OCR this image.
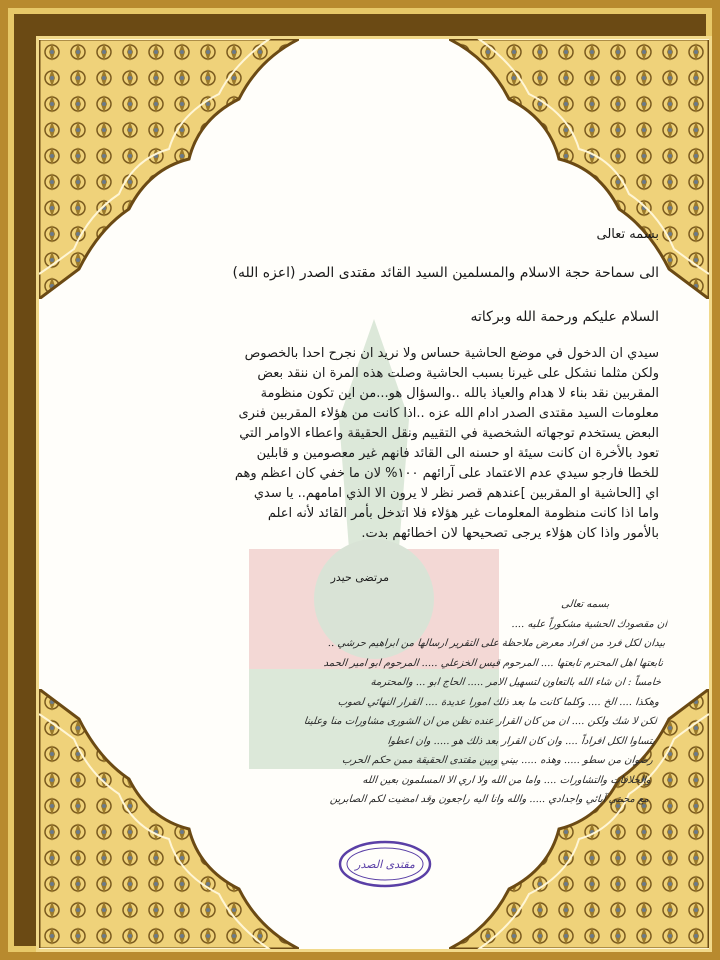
بسمه تعالى
الى سماحة حجة الاسلام والمسلمين السيد القائد مقتدى الصدر (اعزه الله)
السلام عليكم ورحمة الله وبركاته
سيدي ان الدخول في موضع الحاشية حساس ولا نريد ان نجرح احدا بالخصوص
ولكن مثلما نشكل على غيرنا بسبب الحاشية وصلت هذه المرة ان ننقد بعض
المقربين نقد بناء لا هدام والعياذ بالله ..والسؤال هو...من اين تكون منظومة
معلومات السيد مقتدى الصدر ادام الله عزه ..اذا كانت من هؤلاء المقربين فنرى
البعض يستخدم توجهاته الشخصية في التقييم ونقل الحقيقة واعطاء الاوامر التي
تعود بالأخرة ان كانت سيئة او حسنه الى القائد فانهم غير معصومين و قابلين
للخطا فارجو سيدي عدم الاعتماد على آرائهم ١٠٠% لان ما خفي كان اعظم وهم
اي [الحاشية او المقربين ]عندهم قصر نظر لا يرون الا الذي امامهم.. يا سدي
واما اذا كانت منظومة المعلومات غير هؤلاء فلا اتدخل بأمر القائد لأنه اعلم
بالأمور واذا كان هؤلاء يرجى تصحيحها لان اخطائهم بدت.
مرتضى حيدر
بسمه تعالى
ان مقصودك الحشية مشكوراً عليه ....
بيدان لكل فرد من افراد معرض ملاحظة على التقرير ارسالها من ابراهيم حرشي ..
تابعتها اهل المحترم تابعتها .... المرحوم قيس الخزعلي ..... المرحوم ابو امير الحمد
خامساً : ان شاء الله بالتعاون لتسهيل الامر ..... الحاج ابو ... والمحترمة
وهكذا .... الخ .... وكلما كانت ما بعد ذلك امورا عديدة .... القرار النهائي لصوب
لكن لا شك ولكن .... ان من كان القرار عنده نظن من ان الشورى مشاورات منا وعلينا
يتساوا الكل افراداً .... وان كان القرار بعد ذلك هو ..... وان اعطوا
رضوان من سطو ..... وهذه ..... بيني وبين مقتدى الحقيقة ممن حكم الحرب
والخلافات والتشاورات .... واما من الله ولا اري الا المسلمون بعين الله
مع محبتي آبائي واجدادي ..... والله وانا اليه راجعون وقد امضيت لكم الصابرين
مقتدى الصدر
